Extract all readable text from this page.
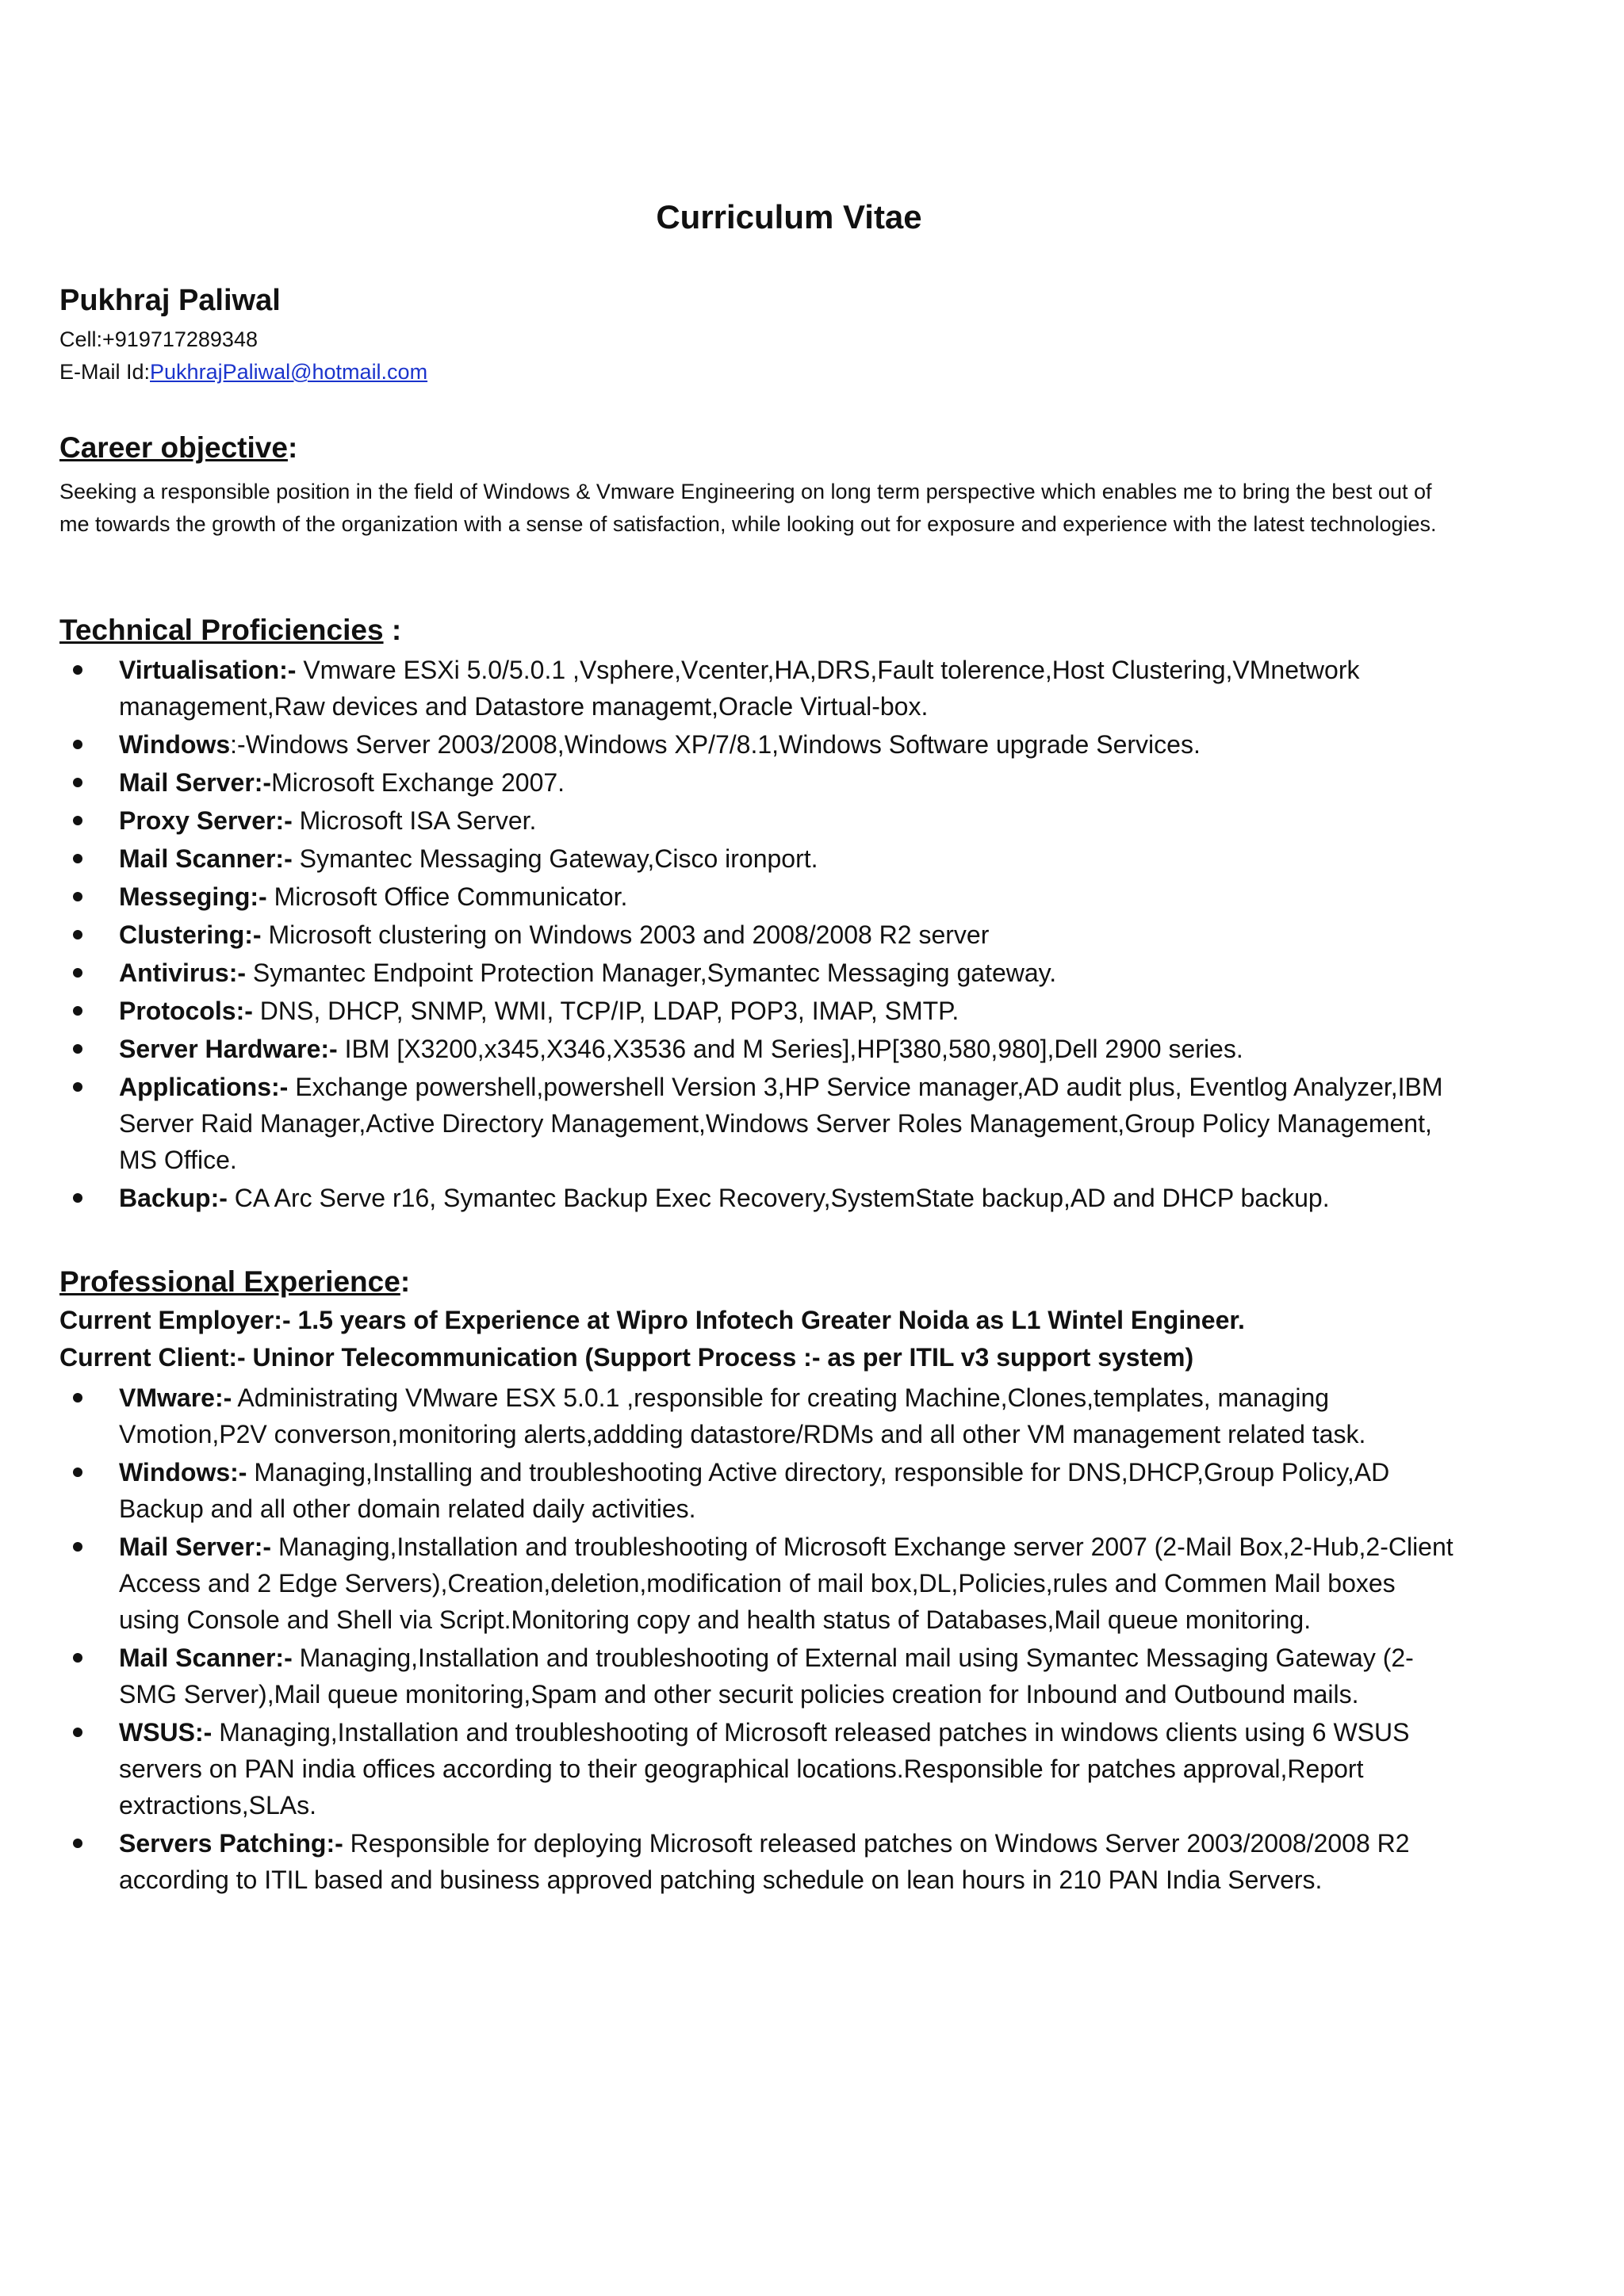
Curriculum Vitae
Pukhraj Paliwal

Cell:+919717289348

E-Mail Id:PukhrajPaliwal@hotmail.com

Career objective:

Seeking a responsible position in the field of Windows & Vmware Engineering on long term perspective which enables me to bring the best out of me towards the growth of the organization with a sense of satisfaction, while looking out for exposure and experience with the latest technologies.

Technical Proficiencies :
Virtualisation:- Vmware ESXi 5.0/5.0.1 ,Vsphere,Vcenter,HA,DRS,Fault tolerence,Host Clustering,VMnetwork management,Raw devices and Datastore managemt,Oracle Virtual-box.
Windows:-Windows Server 2003/2008,Windows XP/7/8.1,Windows Software upgrade Services.
Mail Server:-Microsoft Exchange 2007.
Proxy Server:- Microsoft ISA Server.
Mail Scanner:- Symantec Messaging Gateway,Cisco ironport.
Messeging:- Microsoft Office Communicator.
Clustering:- Microsoft clustering on Windows 2003 and 2008/2008 R2 server
Antivirus:- Symantec Endpoint Protection Manager,Symantec Messaging gateway.
Protocols:- DNS, DHCP, SNMP, WMI, TCP/IP, LDAP, POP3, IMAP, SMTP.
Server Hardware:- IBM [X3200,x345,X346,X3536 and M Series],HP[380,580,980],Dell 2900 series.
Applications:- Exchange powershell,powershell Version 3,HP Service manager,AD audit plus, Eventlog Analyzer,IBM Server Raid Manager,Active Directory Management,Windows Server Roles Management,Group Policy Management, MS Office.
Backup:- CA Arc Serve r16, Symantec Backup Exec Recovery,SystemState backup,AD and DHCP backup.
Professional Experience:

Current Employer:- 1.5 years of Experience at Wipro Infotech Greater Noida as L1 Wintel Engineer.

Current Client:- Uninor Telecommunication (Support Process :- as per ITIL v3 support system)

VMware:- Administrating VMware ESX 5.0.1 ,responsible for creating Machine,Clones,templates, managing Vmotion,P2V converson,monitoring alerts,addding datastore/RDMs and all other VM management related task.
Windows:- Managing,Installing and troubleshooting Active directory, responsible for DNS,DHCP,Group Policy,AD Backup and all other domain related daily activities.
Mail Server:- Managing,Installation and troubleshooting of Microsoft Exchange server 2007 (2-Mail Box,2-Hub,2-Client Access and 2 Edge Servers),Creation,deletion,modification of mail box,DL,Policies,rules and Commen Mail boxes using Console and Shell via Script.Monitoring copy and health status of Databases,Mail queue monitoring.
Mail Scanner:- Managing,Installation and troubleshooting of External mail using Symantec Messaging Gateway (2-SMG Server),Mail queue monitoring,Spam and other securit policies creation for Inbound and Outbound mails.
WSUS:- Managing,Installation and troubleshooting of Microsoft released patches in windows clients using 6 WSUS servers on PAN india offices according to their geographical locations.Responsible for patches approval,Report extractions,SLAs.
Servers Patching:- Responsible for deploying Microsoft released patches on Windows Server 2003/2008/2008 R2 according to ITIL based and business approved patching schedule on lean hours in 210 PAN India Servers.
